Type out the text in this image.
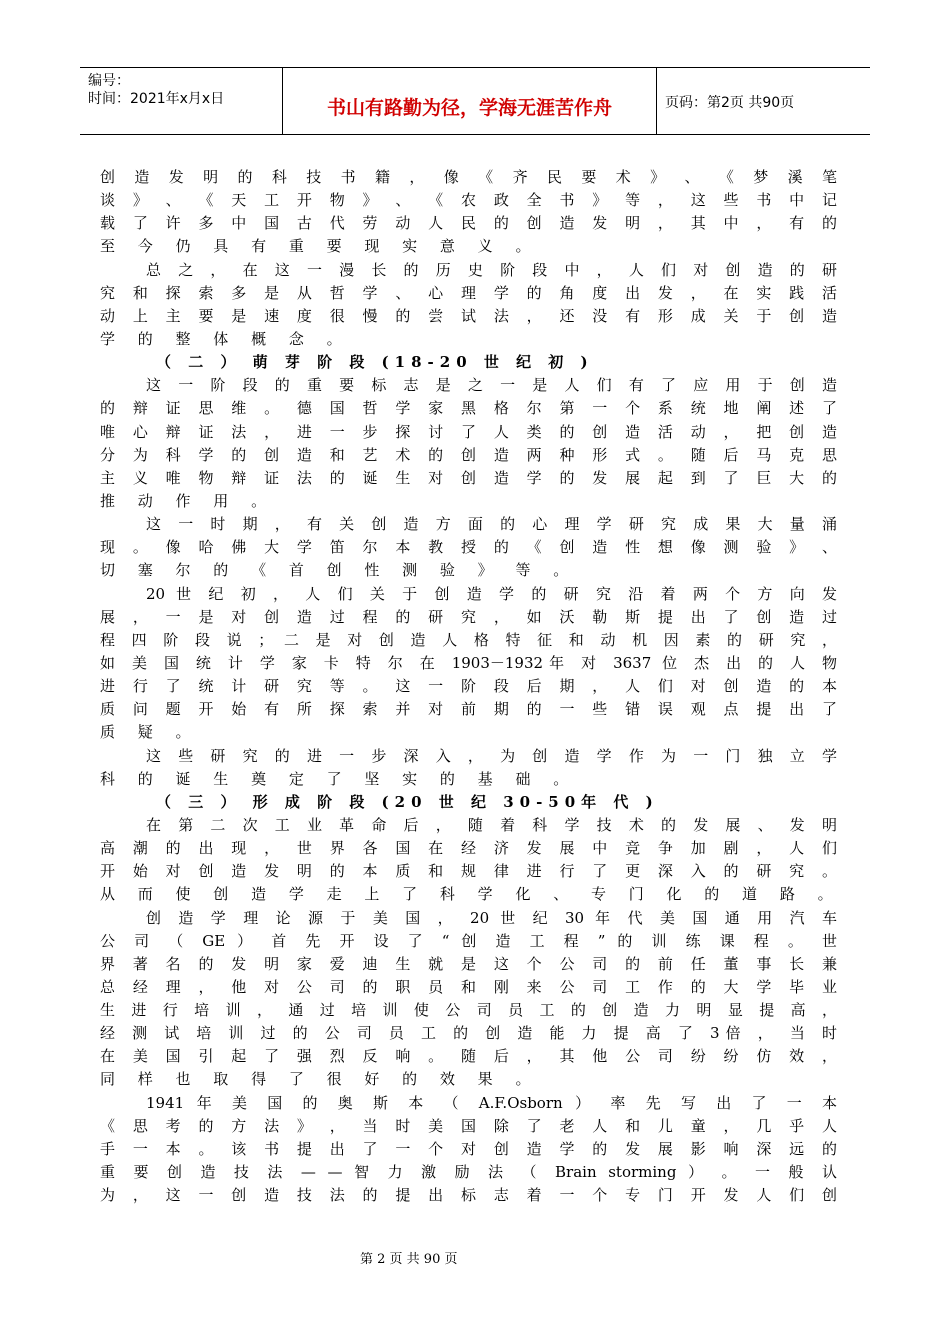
编号：
时间：2021年x月x日	书山有路勤为径，学海无涯苦作舟	页码：第2页 共90页
创 造 发 明 的 科 技 书 籍 ， 像 《 齐 民 要 术 》 、 《 梦 溪 笔
谈 》 、 《 天 工 开 物 》 、 《 农 政 全 书 》 等 ， 这 些 书 中 记
载 了 许 多 中 国 古 代 劳 动 人 民 的 创 造 发 明 ， 其 中 ， 有 的
至 今 仍 具 有 重 要 现 实 意 义 。
总 之 ， 在 这 一 漫 长 的 历 史 阶 段 中 ， 人 们 对 创 造 的 研
究 和 探 索 多 是 从 哲 学 、 心 理 学 的 角 度 出 发 ， 在 实 践 活
动 上 主 要 是 速 度 很 慢 的 尝 试 法 ， 还 没 有 形 成 关 于 创 造
学 的 整 体 概 念 。
（ 二 ） 萌 芽 阶 段 (18-20 世 纪 初 )
这 一 阶 段 的 重 要 标 志 是 之 一 是 人 们 有 了 应 用 于 创 造
的 辩 证 思 维 。 德 国 哲 学 家 黑 格 尔 第 一 个 系 统 地 阐 述 了
唯 心 辩 证 法 ， 进 一 步 探 讨 了 人 类 的 创 造 活 动 ， 把 创 造
分 为 科 学 的 创 造 和 艺 术 的 创 造 两 种 形 式 。 随 后 马 克 思
主 义 唯 物 辩 证 法 的 诞 生 对 创 造 学 的 发 展 起 到 了 巨 大 的
推 动 作 用 。
这 一 时 期 ， 有 关 创 造 方 面 的 心 理 学 研 究 成 果 大 量 涌
现 。 像 哈 佛 大 学 笛 尔 本 教 授 的 《 创 造 性 想 像 测 验 》 、
切 塞 尔 的 《 首 创 性 测 验 》 等 。
20 世 纪 初 ， 人 们 关 于 创 造 学 的 研 究 沿 着 两 个 方 向 发
展 ， 一 是 对 创 造 过 程 的 研 究 ， 如 沃 勒 斯 提 出 了 创 造 过
程 四 阶 段 说 ； 二 是 对 创 造 人 格 特 征 和 动 机 因 素 的 研 究 ，
如 美 国 统 计 学 家 卡 特 尔 在 1903－1932年 对 3637 位 杰 出 的 人 物
进 行 了 统 计 研 究 等 。 这 一 阶 段 后 期 ， 人 们 对 创 造 的 本
质 问 题 开 始 有 所 探 索 并 对 前 期 的 一 些 错 误 观 点 提 出 了
质 疑 。
这 些 研 究 的 进 一 步 深 入 ， 为 创 造 学 作 为 一 门 独 立 学
科 的 诞 生 奠 定 了 坚 实 的 基 础 。
（ 三 ） 形 成 阶 段 (20 世 纪 30-50年 代 )
在 第 二 次 工 业 革 命 后 ， 随 着 科 学 技 术 的 发 展 、 发 明
高 潮 的 出 现 ， 世 界 各 国 在 经 济 发 展 中 竞 争 加 剧 ， 人 们
开 始 对 创 造 发 明 的 本 质 和 规 律 进 行 了 更 深 入 的 研 究 。
从 而 使 创 造 学 走 上 了 科 学 化 、 专 门 化 的 道 路 。
创 造 学 理 论 源 于 美 国 ， 20 世 纪 30 年 代 美 国 通 用 汽 车
公 司 （ GE ） 首 先 开 设 了 “ 创 造 工 程 ” 的 训 练 课 程 。 世
界 著 名 的 发 明 家 爱 迪 生 就 是 这 个 公 司 的 前 任 董 事 长 兼
总 经 理 ， 他 对 公 司 的 职 员 和 刚 来 公 司 工 作 的 大 学 毕 业
生 进 行 培 训 ， 通 过 培 训 使 公 司 员 工 的 创 造 力 明 显 提 高 ，
经 测 试 培 训 过 的 公 司 员 工 的 创 造 能 力 提 高 了 3倍 ， 当 时
在 美 国 引 起 了 强 烈 反 响 。 随 后 ， 其 他 公 司 纷 纷 仿 效 ，
同 样 也 取 得 了 很 好 的 效 果 。
1941 年 美 国 的 奥 斯 本 （ A.F.Osborn ） 率 先 写 出 了 一 本
《 思 考 的 方 法 》 ， 当 时 美 国 除 了 老 人 和 儿 童 ， 几 乎 人
手 一 本 。 该 书 提 出 了 一 个 对 创 造 学 的 发 展 影 响 深 远 的
重 要 创 造 技 法 — — 智 力 激 励 法 （ Brain storming ） 。 一 般 认
为 ， 这 一 创 造 技 法 的 提 出 标 志 着 一 个 专 门 开 发 人 们 创
第 2 页 共 90 页
